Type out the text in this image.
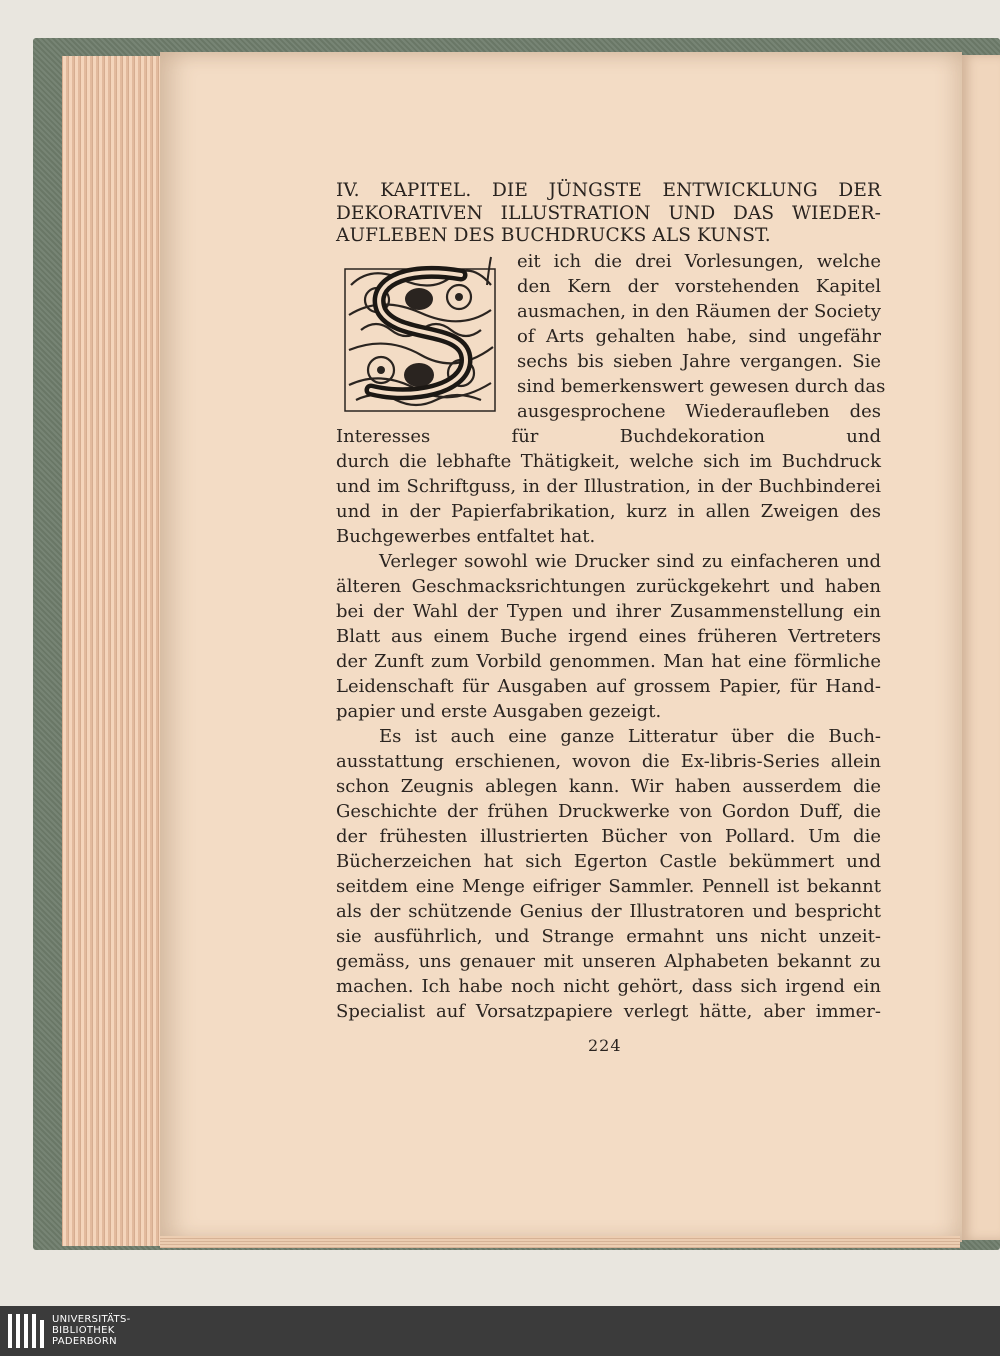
IV. KAPITEL. DIE JÜNGSTE ENTWICKLUNG DER DEKORATIVEN ILLUSTRATION UND DAS WIEDER-AUFLEBEN DES BUCHDRUCKS ALS KUNST.
eit ich die drei Vorlesungen, welche
den Kern der vorstehenden Kapitel
ausmachen, in den Räumen der Society
of Arts gehalten habe, sind ungefähr
sechs bis sieben Jahre vergangen. Sie
sind bemerkenswert gewesen durch das
ausgesprochene Wiederaufleben des
Interesses für Buchdekoration und
durch die lebhafte Thätigkeit, welche sich im Buchdruck
und im Schriftguss, in der Illustration, in der Buchbinderei
und in der Papierfabrikation, kurz in allen Zweigen des
Buchgewerbes entfaltet hat.
Verleger sowohl wie Drucker sind zu einfacheren und
älteren Geschmacksrichtungen zurückgekehrt und haben
bei der Wahl der Typen und ihrer Zusammenstellung ein
Blatt aus einem Buche irgend eines früheren Vertreters
der Zunft zum Vorbild genommen. Man hat eine förmliche
Leidenschaft für Ausgaben auf grossem Papier, für Hand-
papier und erste Ausgaben gezeigt.
Es ist auch eine ganze Litteratur über die Buch-
ausstattung erschienen, wovon die Ex-libris-Series allein
schon Zeugnis ablegen kann. Wir haben ausserdem die
Geschichte der frühen Druckwerke von Gordon Duff, die
der frühesten illustrierten Bücher von Pollard. Um die
Bücherzeichen hat sich Egerton Castle bekümmert und
seitdem eine Menge eifriger Sammler. Pennell ist bekannt
als der schützende Genius der Illustratoren und bespricht
sie ausführlich, und Strange ermahnt uns nicht unzeit-
gemäss, uns genauer mit unseren Alphabeten bekannt zu
machen. Ich habe noch nicht gehört, dass sich irgend ein
Specialist auf Vorsatzpapiere verlegt hätte, aber immer-
224
UNIVERSITÄTS-
BIBLIOTHEK
PADERBORN
